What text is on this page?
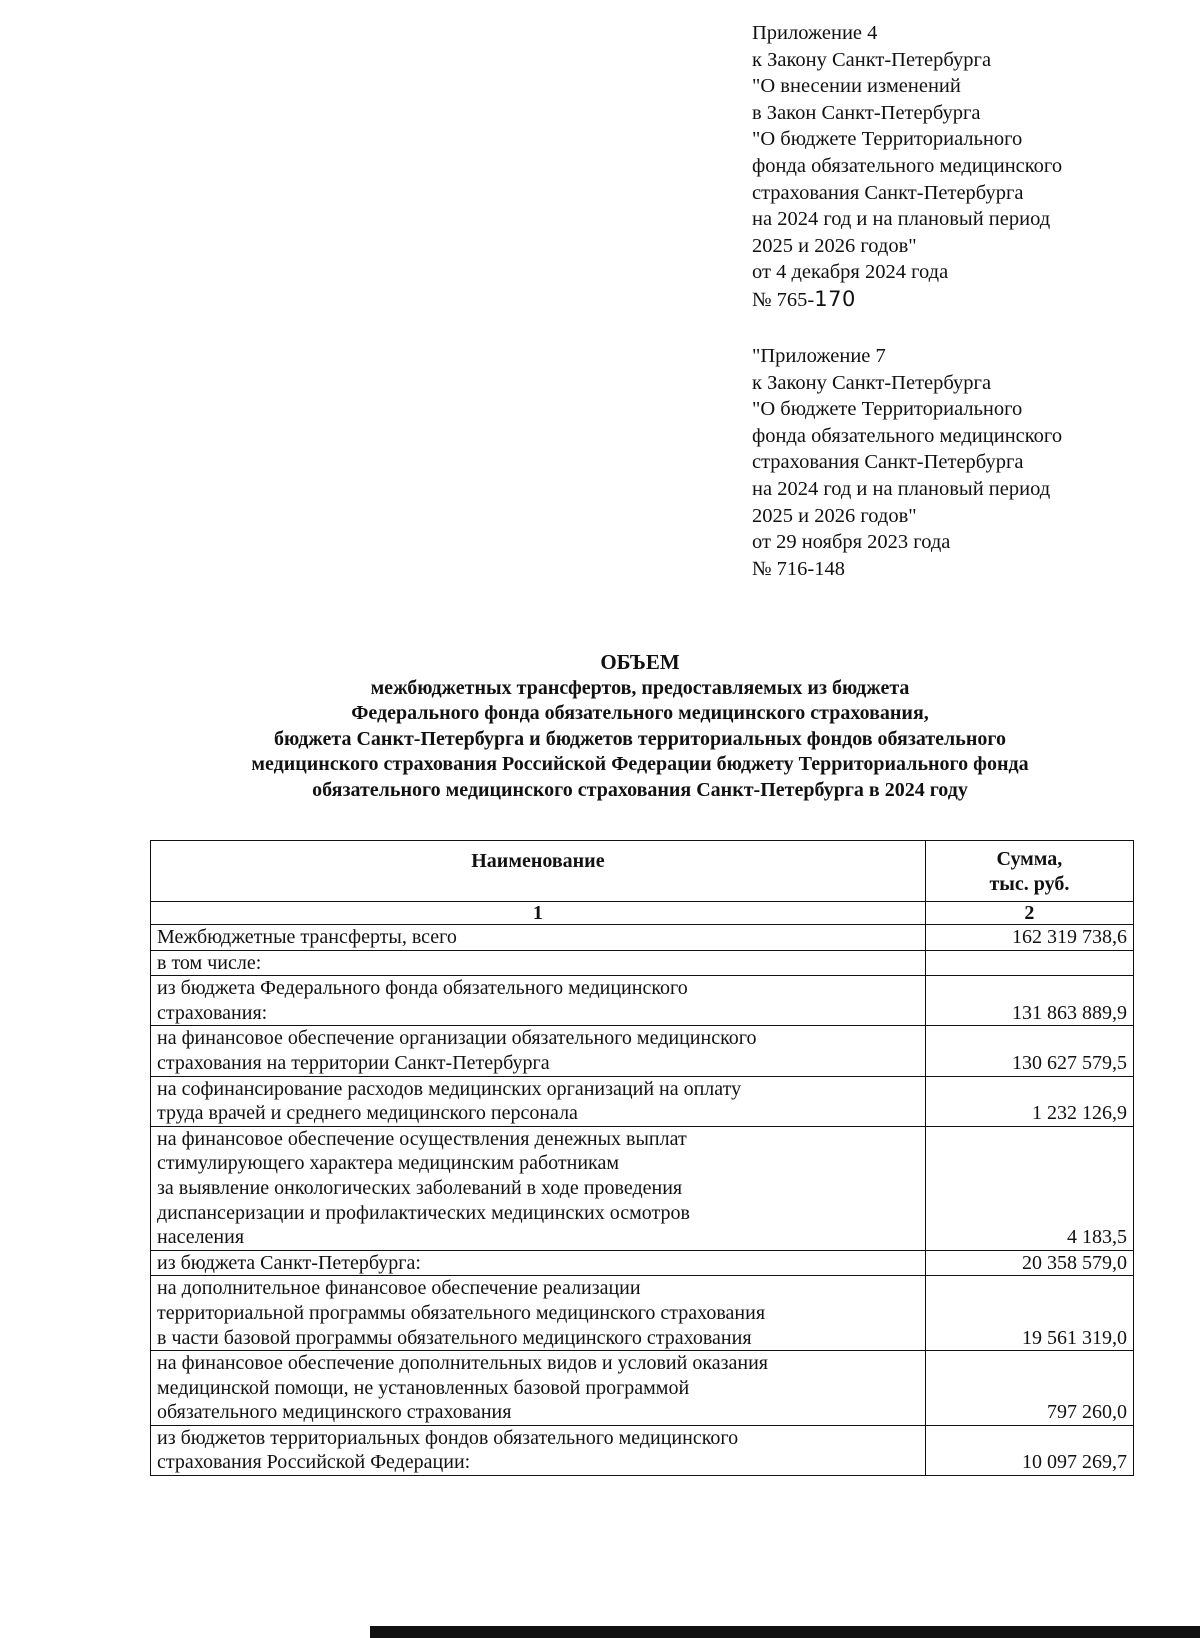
Приложение 4
к Закону Санкт-Петербурга
"О внесении изменений
в Закон Санкт-Петербурга
"О бюджете Территориального
фонда обязательного медицинского
страхования Санкт-Петербурга
на 2024 год и на плановый период
2025 и 2026 годов"
от 4 декабря 2024 года
№ 765-170
"Приложение 7
к Закону Санкт-Петербурга
"О бюджете Территориального
фонда обязательного медицинского
страхования Санкт-Петербурга
на 2024 год и на плановый период
2025 и 2026 годов"
от 29 ноября 2023 года
№ 716-148
ОБЪЕМ
межбюджетных трансфертов, предоставляемых из бюджета
Федерального фонда обязательного медицинского страхования,
бюджета Санкт-Петербурга и бюджетов территориальных фондов обязательного
медицинского страхования Российской Федерации бюджету Территориального фонда
обязательного медицинского страхования Санкт-Петербурга в 2024 году
Наименование	Сумма,
тыс. руб.

1	2

Межбюджетные трансферты, всего	162 319 738,6

в том числе:	

из бюджета Федерального фонда обязательного медицинского
страхования:	131 863 889,9

на финансовое обеспечение организации обязательного медицинского
страхования на территории Санкт-Петербурга	130 627 579,5

на софинансирование расходов медицинских организаций на оплату
труда врачей и среднего медицинского персонала	1 232 126,9

на финансовое обеспечение осуществления денежных выплат
стимулирующего характера медицинским работникам
за выявление онкологических заболеваний в ходе проведения
диспансеризации и профилактических медицинских осмотров
населения	4 183,5

из бюджета Санкт-Петербурга:	20 358 579,0

на дополнительное финансовое обеспечение реализации
территориальной программы обязательного медицинского страхования
в части базовой программы обязательного медицинского страхования	19 561 319,0

на финансовое обеспечение дополнительных видов и условий оказания
медицинской помощи, не установленных базовой программой
обязательного медицинского страхования	797 260,0

из бюджетов территориальных фондов обязательного медицинского
страхования Российской Федерации:	10 097 269,7
